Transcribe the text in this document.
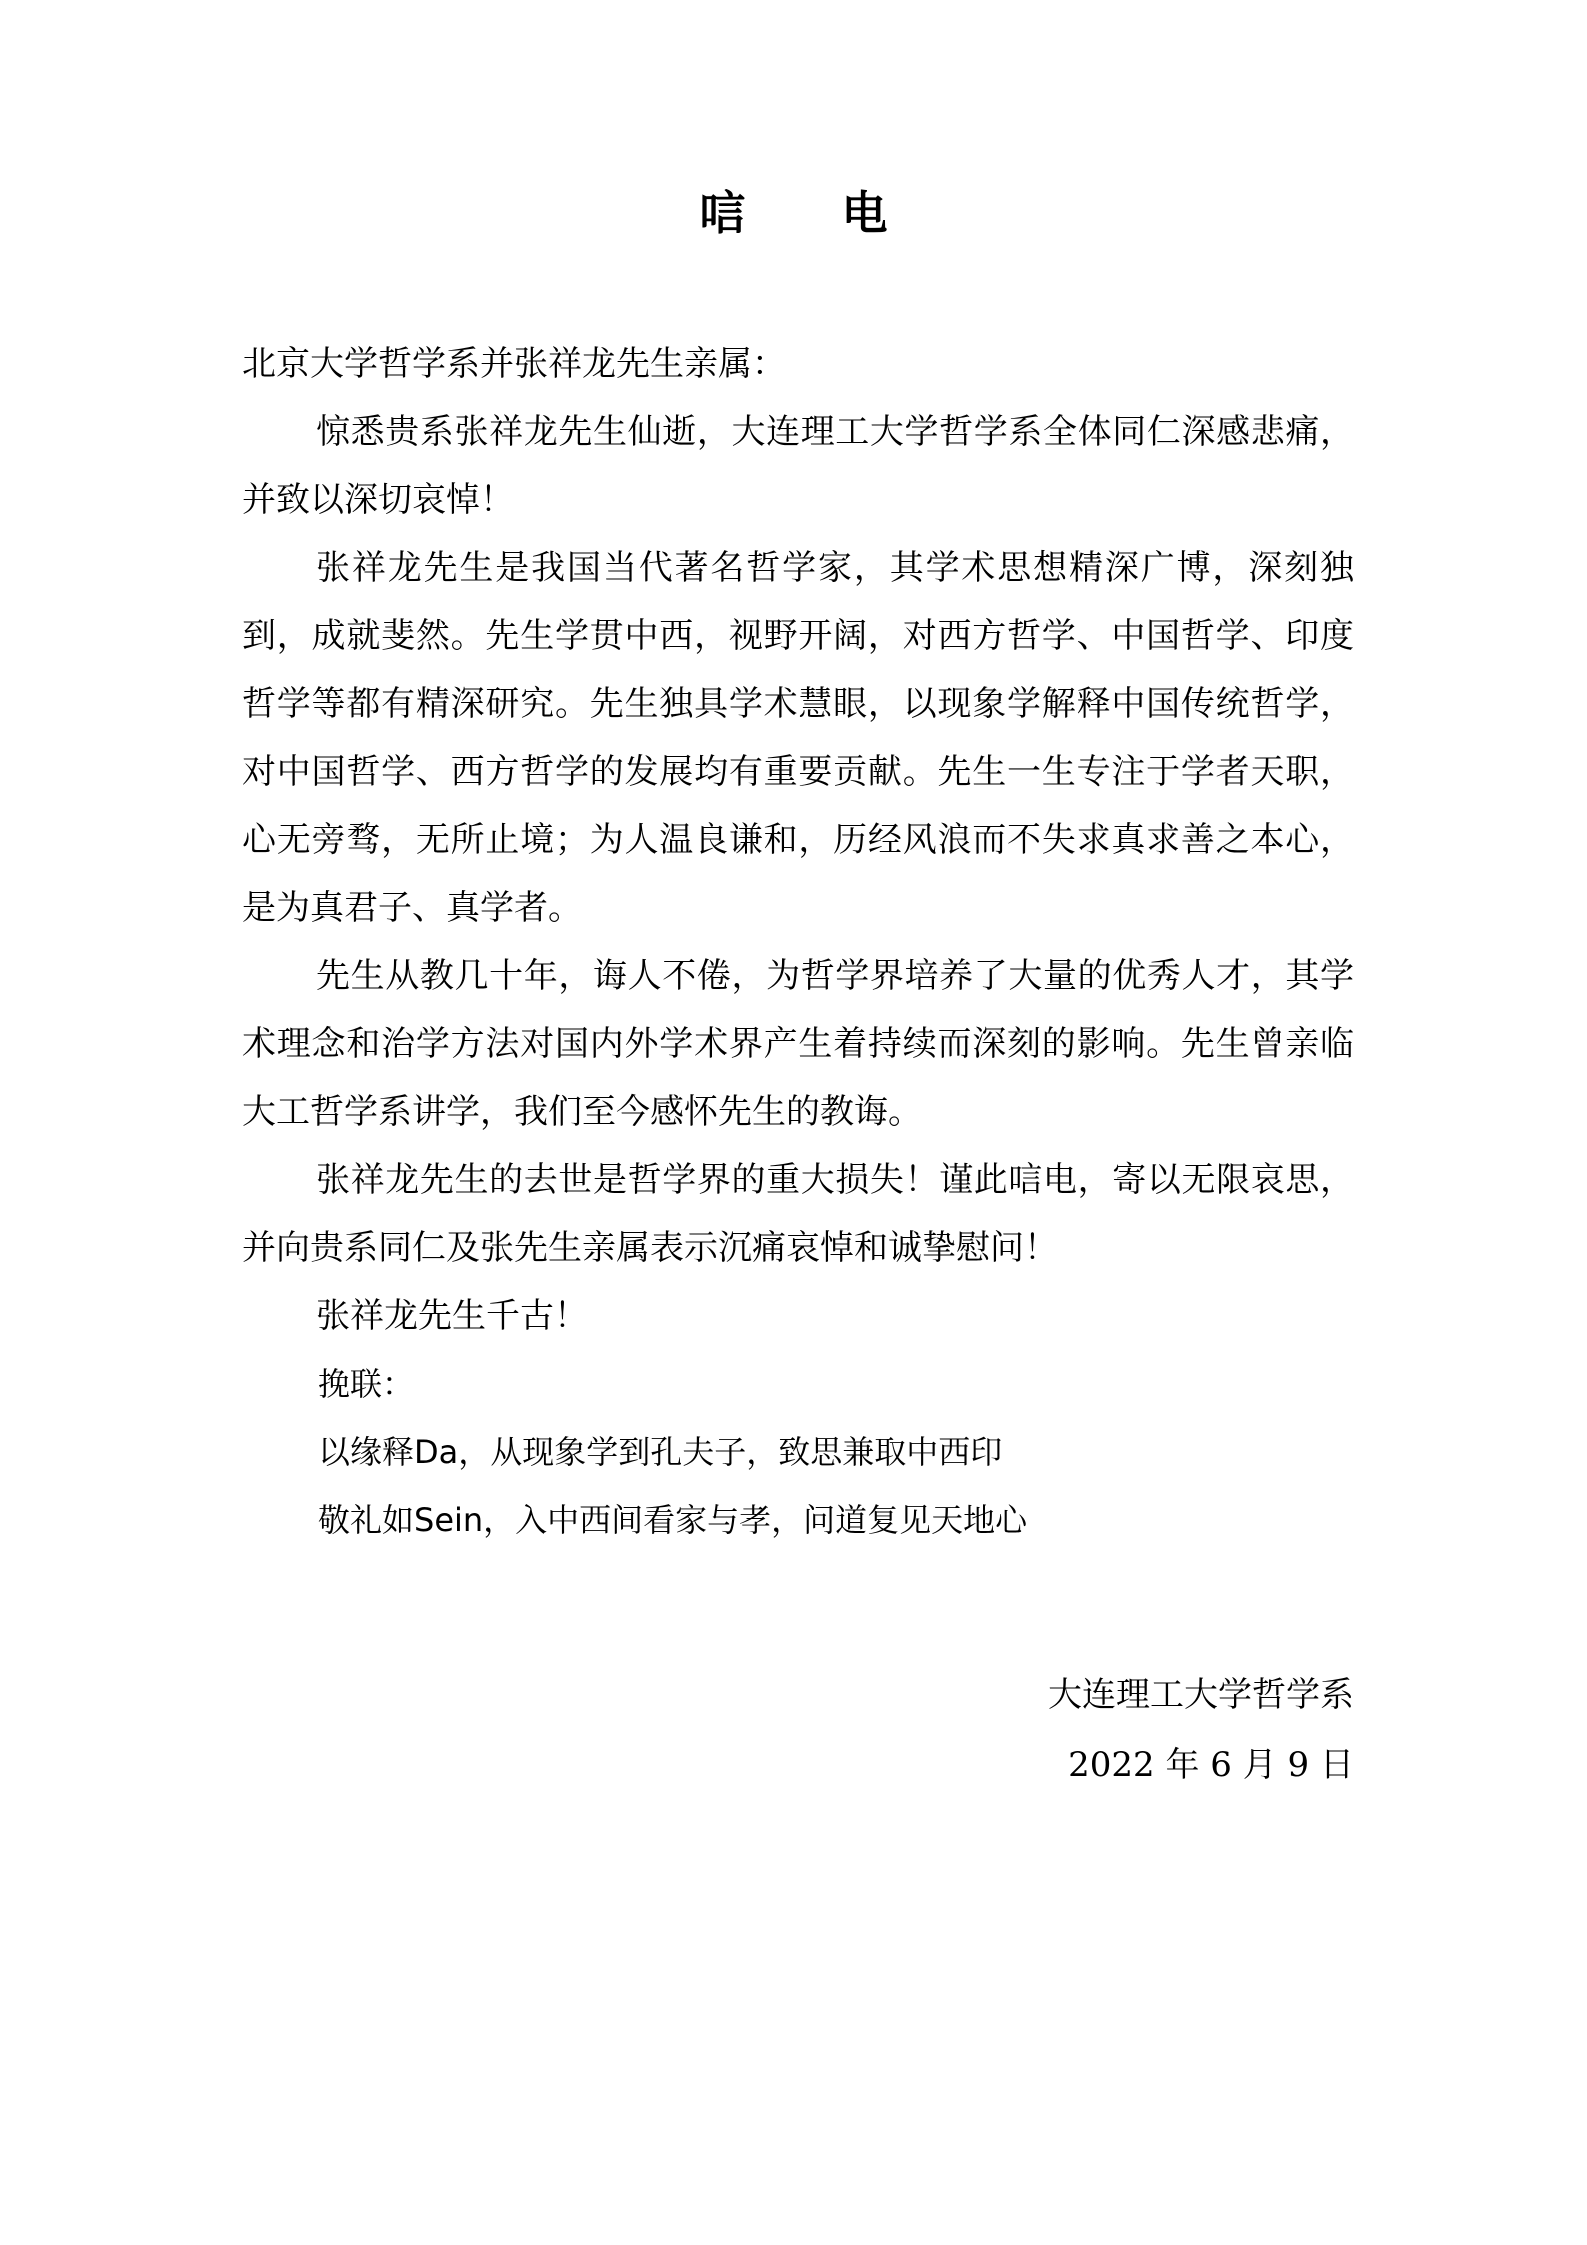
唁 电

北京大学哲学系并张祥龙先生亲属：

惊悉贵系张祥龙先生仙逝，大连理工大学哲学系全体同仁深感悲痛，并致以深切哀悼！

张祥龙先生是我国当代著名哲学家，其学术思想精深广博，深刻独到，成就斐然。先生学贯中西，视野开阔，对西方哲学、中国哲学、印度哲学等都有精深研究。先生独具学术慧眼，以现象学解释中国传统哲学，对中国哲学、西方哲学的发展均有重要贡献。先生一生专注于学者天职，心无旁骛，无所止境；为人温良谦和，历经风浪而不失求真求善之本心，是为真君子、真学者。

先生从教几十年，诲人不倦，为哲学界培养了大量的优秀人才，其学术理念和治学方法对国内外学术界产生着持续而深刻的影响。先生曾亲临大工哲学系讲学，我们至今感怀先生的教诲。

张祥龙先生的去世是哲学界的重大损失！谨此唁电，寄以无限哀思，并向贵系同仁及张先生亲属表示沉痛哀悼和诚挚慰问！

张祥龙先生千古！

挽联：
以缘释Da，从现象学到孔夫子，致思兼取中西印
敬礼如Sein，入中西间看家与孝，问道复见天地心
大连理工大学哲学系
2022 年 6 月 9 日
